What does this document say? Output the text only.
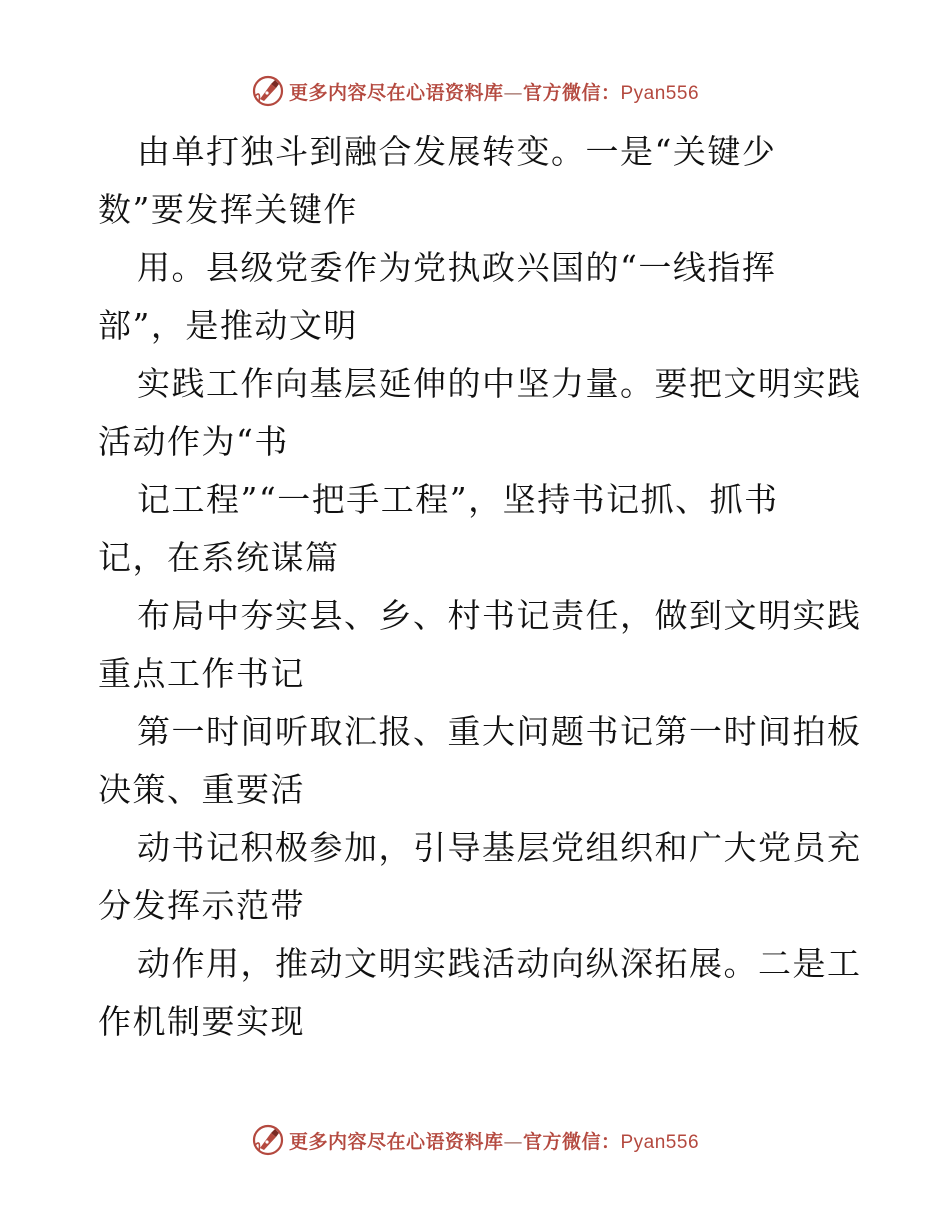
更多内容尽在心语资料库—官方微信：Pyan556
由单打独斗到融合发展转变。一是“关键少
数”要发挥关键作
用。县级党委作为党执政兴国的“一线指挥
部”，是推动文明
实践工作向基层延伸的中坚力量。要把文明实践
活动作为“书
记工程”“一把手工程”，坚持书记抓、抓书
记，在系统谋篇
布局中夯实县、乡、村书记责任，做到文明实践
重点工作书记
第一时间听取汇报、重大问题书记第一时间拍板
决策、重要活
动书记积极参加，引导基层党组织和广大党员充
分发挥示范带
动作用，推动文明实践活动向纵深拓展。二是工
作机制要实现
更多内容尽在心语资料库—官方微信：Pyan556
